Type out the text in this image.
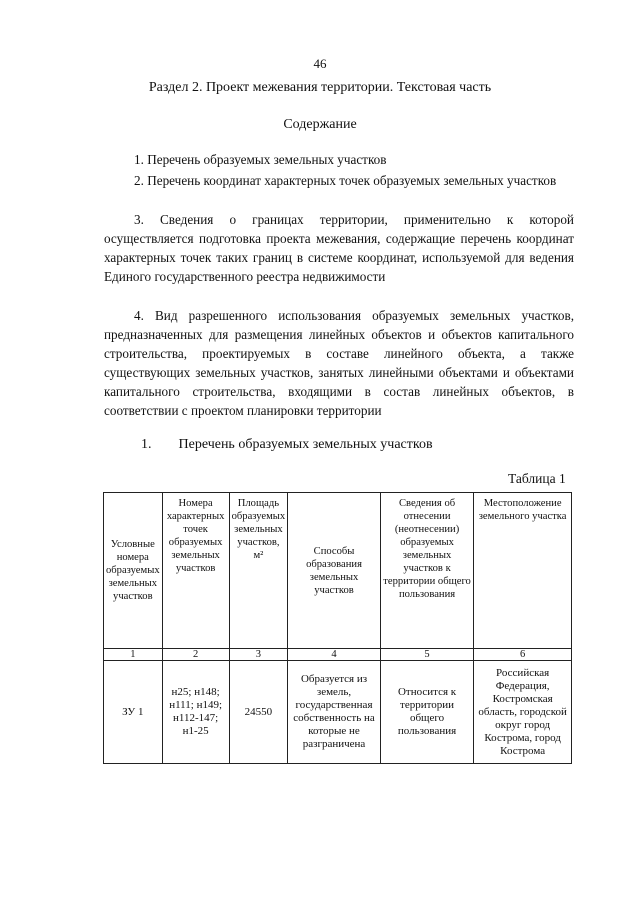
46
Раздел 2. Проект межевания территории. Текстовая часть
Содержание

1. Перечень образуемых земельных участков

2. Перечень координат характерных точек образуемых земельных участков

3. Сведения о границах территории, применительно к которой осуществляется подготовка проекта межевания, содержащие перечень координат характерных точек таких границ в системе координат, используемой для ведения Единого государственного реестра недвижимости

4. Вид разрешенного использования образуемых земельных участков, предназначенных для размещения линейных объектов и объектов капитального строительства, проектируемых в составе линейного объекта, а также существующих земельных участков, занятых линейными объектами и объектами капитального строительства, входящими в состав линейных объектов, в соответствии с проектом планировки территории

1. Перечень образуемых земельных участков
Таблица 1
Условные номера образуемых земельных участков	Номера характерных точек образуемых земельных участков	Площадь образуемых земельных участков, м²	Способы образования земельных участков	Сведения об отнесении (неотнесении) образуемых земельных участков к территории общего пользования	Местоположение земельного участка
1	2	3	4	5	6
ЗУ 1	н25; н148; н111; н149; н112-147; н1-25	24550	Образуется из земель, государственная собственность на которые не разграничена	Относится к территории общего пользования	Российская Федерация, Костромская область, городской округ город Кострома, город Кострома
